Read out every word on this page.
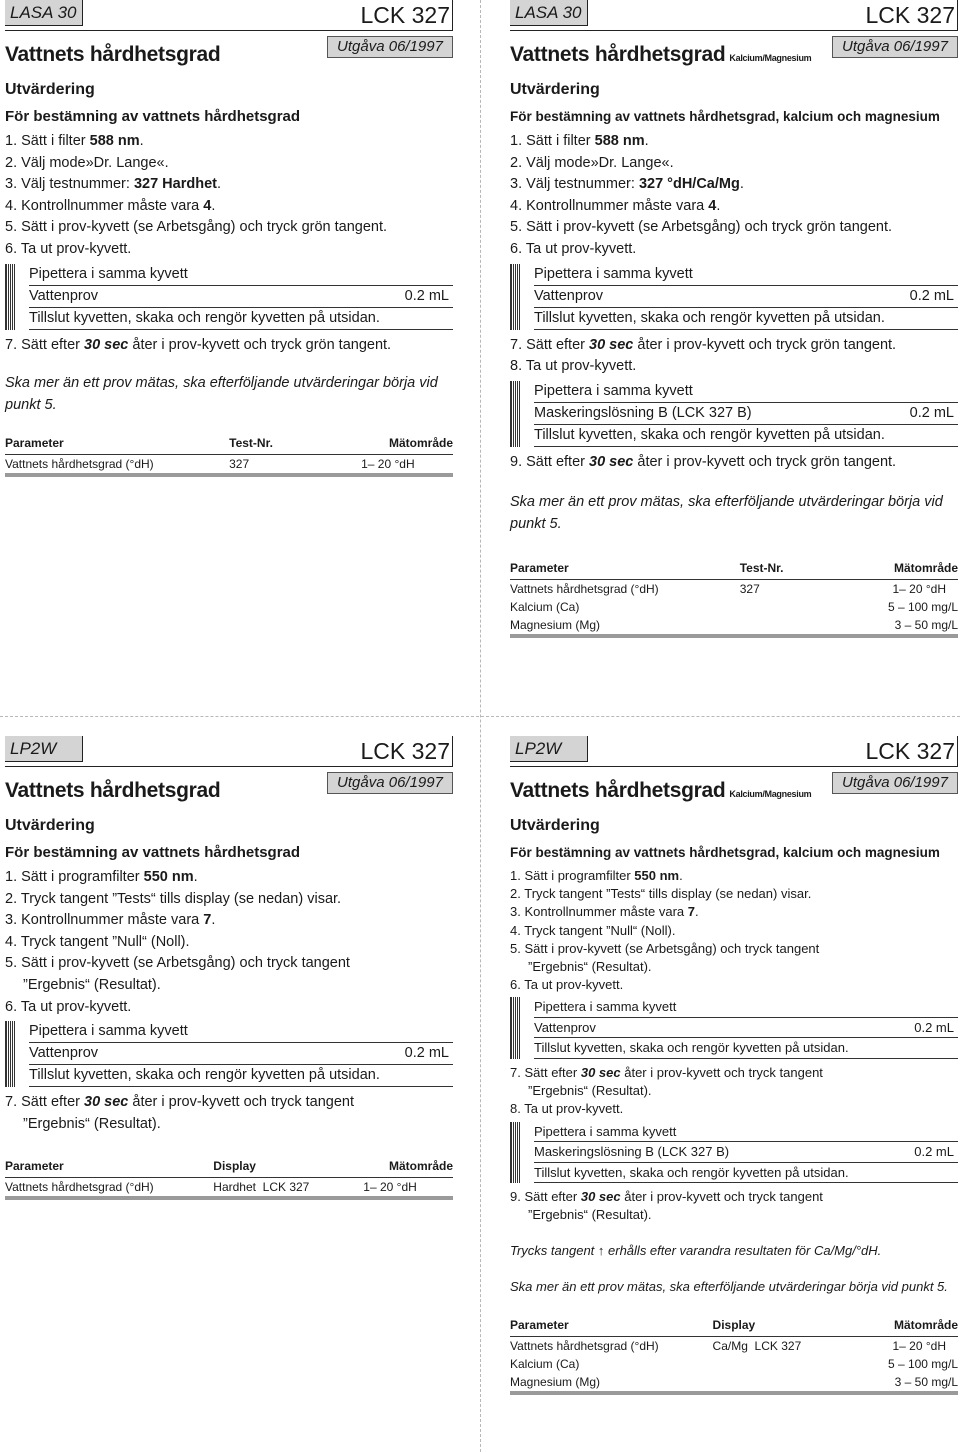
LASA 30	LCK 327
Vattnets hårdhetsgrad	Utgåva 06/1997
Utvärdering
För bestämning av vattnets hårdhetsgrad
1. Sätt i filter 588 nm.
2. Välj mode»Dr. Lange«.
3. Välj testnummer: 327 Hardhet.
4. Kontrollnummer måste vara 4.
5. Sätt i prov-kyvett (se Arbetsgång) och tryck grön tangent.
6. Ta ut prov-kyvett.
Pipettera i samma kyvett
Vattenprov	0.2 mL
Tillslut kyvetten, skaka och rengör kyvetten på utsidan.
7. Sätt efter 30 sec åter i prov-kyvett och tryck grön tangent.
Ska mer än ett prov mätas, ska efterföljande utvärderingar börja vid punkt 5.
Parameter	Test-Nr.	Mätområde
Vattnets hårdhetsgrad (°dH)	327	1– 20 °dH
LASA 30	LCK 327
Vattnets hårdhetsgrad Kalcium/Magnesium
Utgåva 06/1997
Utvärdering
För bestämning av vattnets hårdhetsgrad, kalcium och magnesium
1. Sätt i filter 588 nm.
2. Välj mode»Dr. Lange«.
3. Välj testnummer: 327 °dH/Ca/Mg.
4. Kontrollnummer måste vara 4.
5. Sätt i prov-kyvett (se Arbetsgång) och tryck grön tangent.
6. Ta ut prov-kyvett.
Pipettera i samma kyvett
Vattenprov	0.2 mL
Tillslut kyvetten, skaka och rengör kyvetten på utsidan.
7. Sätt efter 30 sec åter i prov-kyvett och tryck grön tangent.
8. Ta ut prov-kyvett.
Pipettera i samma kyvett
Maskeringslösning B (LCK 327 B)	0.2 mL
Tillslut kyvetten, skaka och rengör kyvetten på utsidan.
9. Sätt efter 30 sec åter i prov-kyvett och tryck grön tangent.
Ska mer än ett prov mätas, ska efterföljande utvärderingar börja vid punkt 5.
Parameter	Test-Nr.	Mätområde
Vattnets hårdhetsgrad (°dH)	327	1– 20 °dH
Kalcium (Ca)		5 – 100 mg/L
Magnesium (Mg)		3 – 50 mg/L
LP2W	LCK 327
Vattnets hårdhetsgrad	Utgåva 06/1997
Utvärdering
För bestämning av vattnets hårdhetsgrad
1. Sätt i programfilter 550 nm.
2. Tryck tangent ”Tests“ tills display (se nedan) visar.
3. Kontrollnummer måste vara 7.
4. Tryck tangent ”Null“ (Noll).
5. Sätt i prov-kyvett (se Arbetsgång) och tryck tangent
”Ergebnis“ (Resultat).
6. Ta ut prov-kyvett.
Pipettera i samma kyvett
Vattenprov	0.2 mL
Tillslut kyvetten, skaka och rengör kyvetten på utsidan.
7. Sätt efter 30 sec åter i prov-kyvett och tryck tangent
”Ergebnis“ (Resultat).
Parameter	Display	Mätområde
Vattnets hårdhetsgrad (°dH)	Hardhet  LCK 327	1– 20 °dH
LP2W	LCK 327
Vattnets hårdhetsgrad Kalcium/Magnesium
Utgåva 06/1997
Utvärdering
För bestämning av vattnets hårdhetsgrad, kalcium och magnesium
1. Sätt i programfilter 550 nm.
2. Tryck tangent ”Tests“ tills display (se nedan) visar.
3. Kontrollnummer måste vara 7.
4. Tryck tangent ”Null“ (Noll).
5. Sätt i prov-kyvett (se Arbetsgång) och tryck tangent
”Ergebnis“ (Resultat).
6. Ta ut prov-kyvett.
Pipettera i samma kyvett
Vattenprov	0.2 mL
Tillslut kyvetten, skaka och rengör kyvetten på utsidan.
7. Sätt efter 30 sec åter i prov-kyvett och tryck tangent
”Ergebnis“ (Resultat).
8. Ta ut prov-kyvett.
Pipettera i samma kyvett
Maskeringslösning B (LCK 327 B)	0.2 mL
Tillslut kyvetten, skaka och rengör kyvetten på utsidan.
9. Sätt efter 30 sec åter i prov-kyvett och tryck tangent
”Ergebnis“ (Resultat).
Trycks tangent ↑ erhålls efter varandra resultaten för Ca/Mg/°dH.
Ska mer än ett prov mätas, ska efterföljande utvärderingar börja vid punkt 5.
Parameter	Display	Mätområde
Vattnets hårdhetsgrad (°dH)	Ca/Mg  LCK 327	1– 20 °dH
Kalcium (Ca)		5 – 100 mg/L
Magnesium (Mg)		3 – 50 mg/L
